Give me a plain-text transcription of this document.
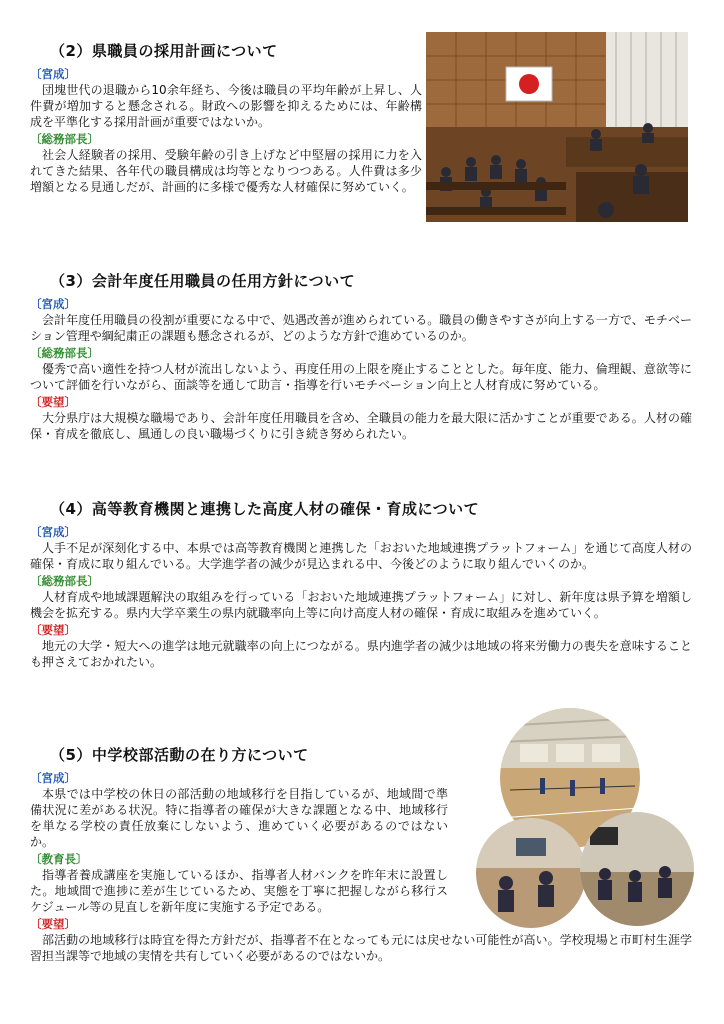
（2）県職員の採用計画について
〔宮成〕

団塊世代の退職から10余年経ち、今後は職員の平均年齢が上昇し、人件費が増加すると懸念される。財政への影響を抑えるためには、年齢構成を平準化する採用計画が重要ではないか。

〔総務部長〕

社会人経験者の採用、受験年齢の引き上げなど中堅層の採用に力を入れてきた結果、各年代の職員構成は均等となりつつある。人件費は多少増額となる見通しだが、計画的に多様で優秀な人材確保に努めていく。

（3）会計年度任用職員の任用方針について
〔宮成〕

会計年度任用職員の役割が重要になる中で、処遇改善が進められている。職員の働きやすさが向上する一方で、モチベーション管理や綱紀粛正の課題も懸念されるが、どのような方針で進めているのか。

〔総務部長〕

優秀で高い適性を持つ人材が流出しないよう、再度任用の上限を廃止することとした。毎年度、能力、倫理観、意欲等について評価を行いながら、面談等を通して助言・指導を行いモチベーション向上と人材育成に努めている。

〔要望〕

大分県庁は大規模な職場であり、会計年度任用職員を含め、全職員の能力を最大限に活かすことが重要である。人材の確保・育成を徹底し、風通しの良い職場づくりに引き続き努められたい。

（4）高等教育機関と連携した高度人材の確保・育成について
〔宮成〕

人手不足が深刻化する中、本県では高等教育機関と連携した「おおいた地域連携プラットフォーム」を通じて高度人材の確保・育成に取り組んでいる。大学進学者の減少が見込まれる中、今後どのように取り組んでいくのか。

〔総務部長〕

人材育成や地域課題解決の取組みを行っている「おおいた地域連携プラットフォーム」に対し、新年度は県予算を増額し機会を拡充する。県内大学卒業生の県内就職率向上等に向け高度人材の確保・育成に取組みを進めていく。

〔要望〕

地元の大学・短大への進学は地元就職率の向上につながる。県内進学者の減少は地域の将来労働力の喪失を意味することも押さえておかれたい。

（5）中学校部活動の在り方について
〔宮成〕

本県では中学校の休日の部活動の地域移行を目指しているが、地域間で準備状況に差がある状況。特に指導者の確保が大きな課題となる中、地域移行を単なる学校の責任放棄にしないよう、進めていく必要があるのではないか。

〔教育長〕

指導者養成講座を実施しているほか、指導者人材バンクを昨年末に設置した。地域間で進捗に差が生じているため、実態を丁寧に把握しながら移行スケジュール等の見直しを新年度に実施する予定である。

〔要望〕

部活動の地域移行は時宜を得た方針だが、指導者不在となっても元には戻せない可能性が高い。学校現場と市町村生涯学習担当課等で地域の実情を共有していく必要があるのではないか。
